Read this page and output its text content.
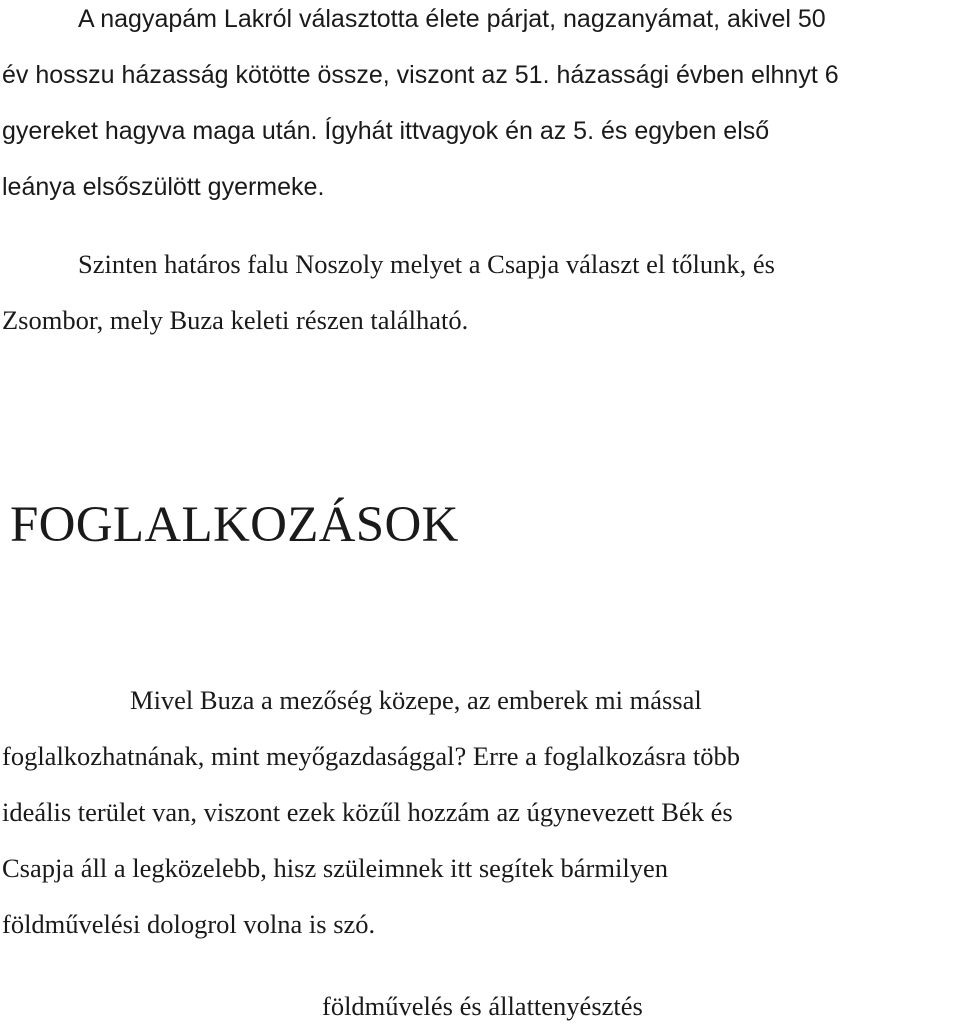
A nagyapám Lakról választotta élete párjat, nagzanyámat, akivel 50
év hosszu házasság kötötte össze, viszont az 51. házassági évben elhnyt 6
gyereket hagyva maga után. Ígyhát ittvagyok én az 5. és egyben első
leánya elsőszülött gyermeke.
Szinten határos falu Noszoly melyet a Csapja választ el tőlunk, és
Zsombor, mely Buza keleti részen található.
FOGLALKOZÁSOK
Mivel Buza a mezőség közepe, az emberek mi mással
foglalkozhatnának, mint meyőgazdasággal? Erre a foglalkozásra több
ideális terület van, viszont ezek közűl hozzám az úgynevezett Bék és
Csapja áll a legközelebb, hisz szüleimnek itt segítek bármilyen
földművelési dologrol volna is szó.

földművelés és állattenyésztés
